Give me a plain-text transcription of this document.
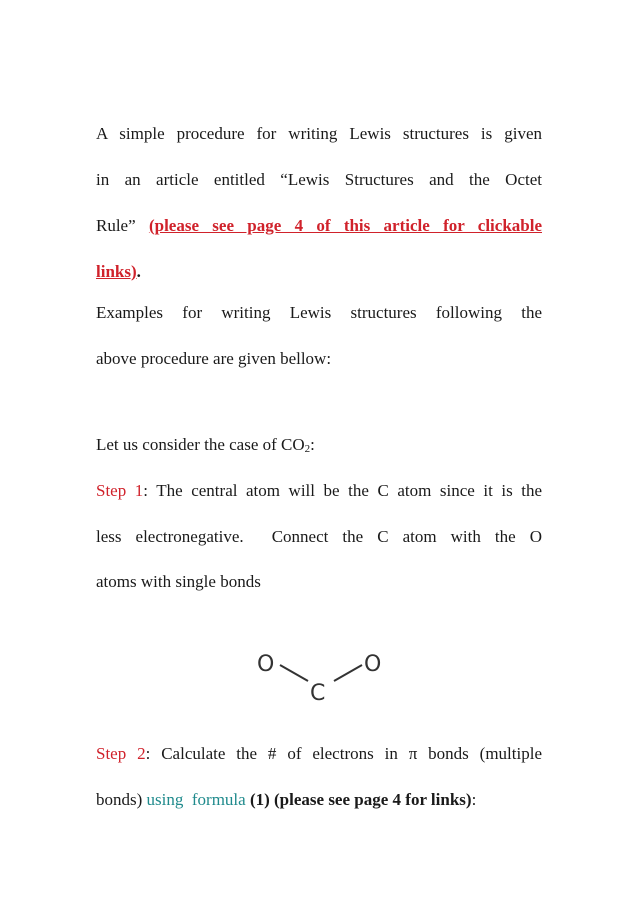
A simple procedure for writing Lewis structures is given
in an article entitled “Lewis Structures and the Octet
Rule” (please see page 4 of this article for clickable
links).
Examples for writing Lewis structures following the
above procedure are given bellow:
Let us consider the case of $CO_2$:
Step 1: The central atom will be the C atom since it is the
less electronegative.  Connect the C atom with the O
atoms with single bonds
O
C
O
Step 2: Calculate the # of electrons in π bonds (multiple
bonds) using formula (1) (please see page 4 for links):
